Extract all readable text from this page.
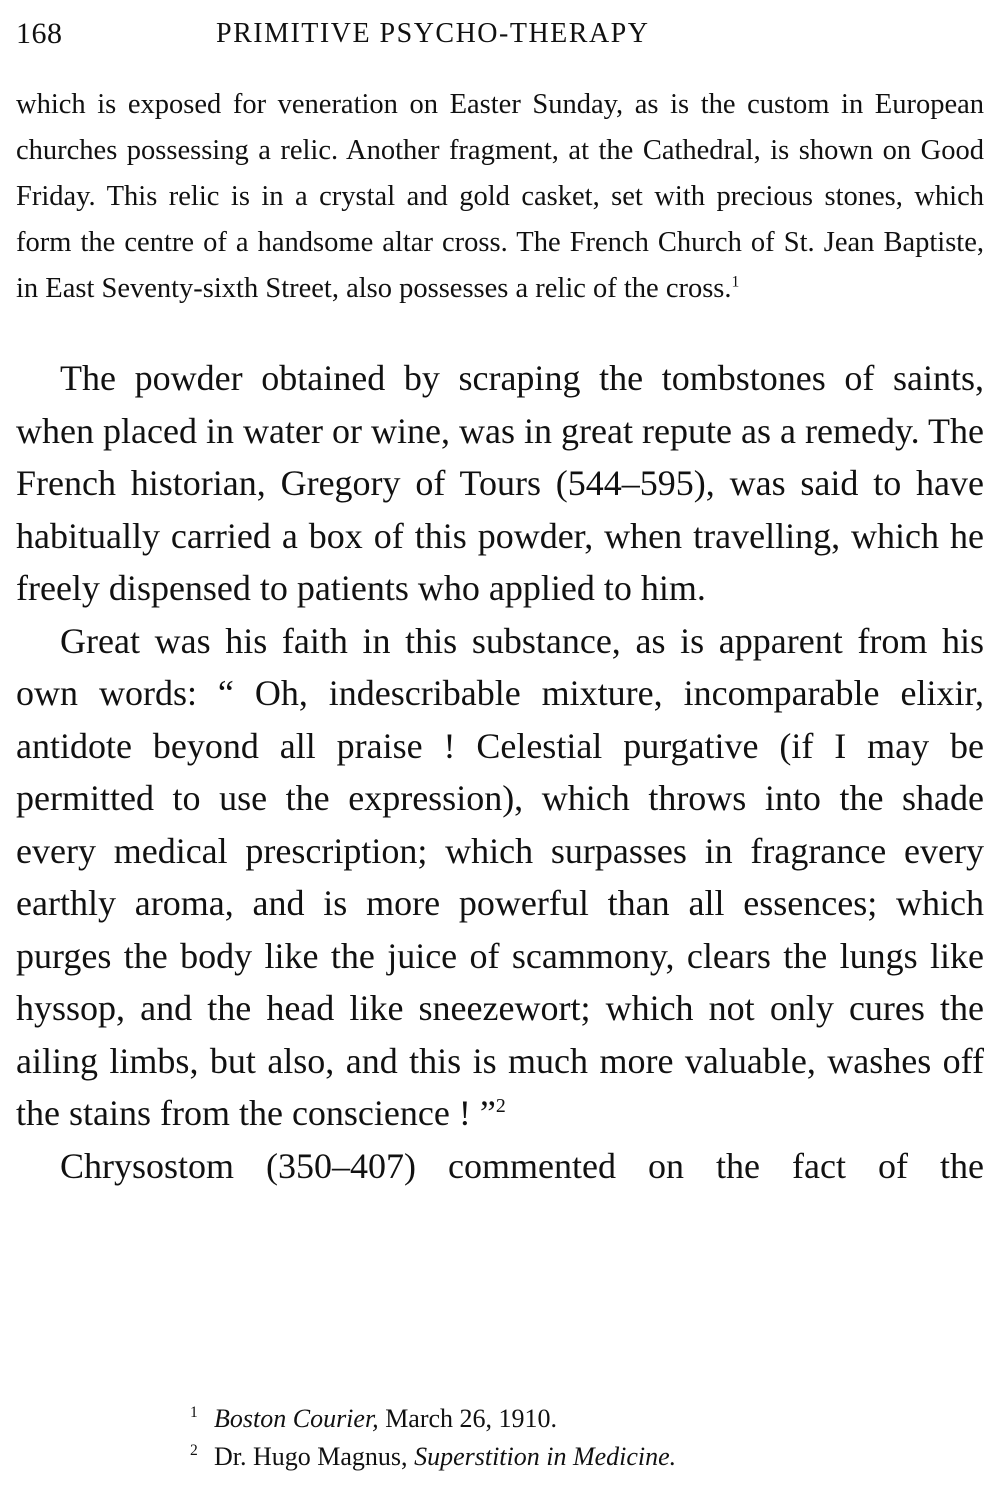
168	PRIMITIVE PSYCHO-THERAPY
which is exposed for veneration on Easter Sunday, as is the custom in European churches possessing a relic. Another fragment, at the Cathedral, is shown on Good Friday. This relic is in a crystal and gold casket, set with precious stones, which form the centre of a handsome altar cross. The French Church of St. Jean Baptiste, in East Seventy-sixth Street, also possesses a relic of the cross.$^1$

The powder obtained by scraping the tombstones of saints, when placed in water or wine, was in great repute as a remedy. The French historian, Gregory of Tours (544–595), was said to have habitually carried a box of this powder, when travelling, which he freely dispensed to patients who applied to him.

Great was his faith in this substance, as is apparent from his own words: “ Oh, indescribable mixture, incomparable elixir, antidote beyond all praise ! Celestial purgative (if I may be permitted to use the expression), which throws into the shade every medical prescription; which surpasses in fragrance every earthly aroma, and is more powerful than all essences; which purges the body like the juice of scammony, clears the lungs like hyssop, and the head like sneezewort; which not only cures the ailing limbs, but also, and this is much more valuable, washes off the stains from the conscience ! ”$^2$

Chrysostom (350–407) commented on the fact of the

1 Boston Courier, March 26, 1910.
2 Dr. Hugo Magnus, Superstition in Medicine.
